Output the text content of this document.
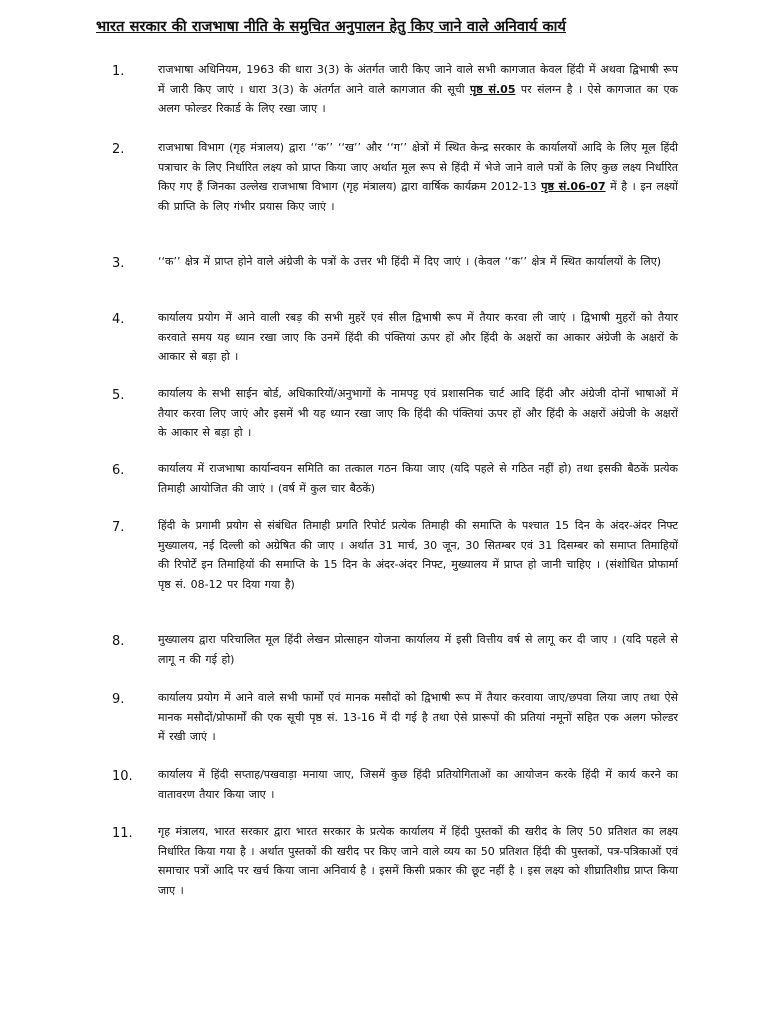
भारत सरकार की राजभाषा नीति के समुचित अनुपालन हेतु किए जाने वाले अनिवार्य कार्य
1.	राजभाषा अधिनियम, 1963 की धारा 3(3) के अंतर्गत जारी किए जाने वाले सभी कागजात केवल हिंदी में अथवा द्विभाषी रूप में जारी किए जाएं । धारा 3(3) के अंतर्गत आने वाले कागजात की सूची पृष्ठ सं.05 पर संलग्न है । ऐसे कागजात का एक अलग फोल्डर रिकार्ड के लिए रखा जाए ।
2.	राजभाषा विभाग (गृह मंत्रालय) द्वारा ‘‘क’’ ‘‘ख’’ और ‘‘ग’’ क्षेत्रों में स्थित केन्द्र सरकार के कार्यालयों आदि के लिए मूल हिंदी पत्राचार के लिए निर्धारित लक्ष्य को प्राप्त किया जाए अर्थात मूल रूप से हिंदी में भेजे जाने वाले पत्रों के लिए कुछ लक्ष्य निर्धारित किए गए हैं जिनका उल्लेख राजभाषा विभाग (गृह मंत्रालय) द्वारा वार्षिक कार्यक्रम 2012-13 पृष्ठ सं.06-07 में है । इन लक्ष्यों की प्राप्ति के लिए गंभीर प्रयास किए जाएं ।
3.	‘‘क’’ क्षेत्र में प्राप्त होने वाले अंग्रेजी के पत्रों के उत्तर भी हिंदी में दिए जाएं । (केवल ‘‘क’’ क्षेत्र में स्थित कार्यालयों के लिए)
4.	कार्यालय प्रयोग में आने वाली रबड़ की सभी मुहरें एवं सील द्विभाषी रूप में तैयार करवा ली जाएं । द्विभाषी मुहरों को तैयार करवाते समय यह ध्यान रखा जाए कि उनमें हिंदी की पंक्तियां ऊपर हों और हिंदी के अक्षरों का आकार अंग्रेजी के अक्षरों के आकार से बड़ा हो ।
5.	कार्यालय के सभी साईन बोर्ड, अधिकारियों/अनुभागों के नामपट्ट एवं प्रशासनिक चार्ट आदि हिंदी और अंग्रेजी दोनों भाषाओं में तैयार करवा लिए जाएं और इसमें भी यह ध्यान रखा जाए कि हिंदी की पंक्तियां ऊपर हों और हिंदी के अक्षरों अंग्रेजी के अक्षरों के आकार से बड़ा हो ।
6.	कार्यालय में राजभाषा कार्यान्वयन समिति का तत्काल गठन किया जाए (यदि पहले से गठित नहीं हो) तथा इसकी बैठकें प्रत्येक तिमाही आयोजित की जाएं । (वर्ष में कुल चार बैठकें)
7.	हिंदी के प्रगामी प्रयोग से संबंधित तिमाही प्रगति रिपोर्ट प्रत्येक तिमाही की समाप्ति के पश्चात 15 दिन के अंदर-अंदर निफ्ट मुख्यालय, नई दिल्ली को अग्रेषित की जाए । अर्थात 31 मार्च, 30 जून, 30 सितम्बर एवं 31 दिसम्बर को समाप्त तिमाहियों की रिपोर्टें इन तिमाहियों की समाप्ति के 15 दिन के अंदर-अंदर निफ्ट, मुख्यालय में प्राप्त हो जानी चाहिए । (संशोधित प्रोफार्मा पृष्ठ सं. 08-12 पर दिया गया है)
8.	मुख्यालय द्वारा परिचालित मूल हिंदी लेखन प्रोत्साहन योजना कार्यालय में इसी वित्तीय वर्ष से लागू कर दी जाए । (यदि पहले से लागू न की गई हो)
9.	कार्यालय प्रयोग में आने वाले सभी फार्मों एवं मानक मसौदों को द्विभाषी रूप में तैयार करवाया जाए/छपवा लिया जाए तथा ऐसे मानक मसौदों/प्रोफार्मों की एक सूची पृष्ठ सं. 13-16 में दी गई है तथा ऐसे प्रारूपों की प्रतियां नमूनों सहित एक अलग फोल्डर में रखी जाएं ।
10. कार्यालय में हिंदी सप्ताह/पखवाड़ा मनाया जाए, जिसमें कुछ हिंदी प्रतियोगिताओं का आयोजन करके हिंदी में कार्य करने का वातावरण तैयार किया जाए ।
11. गृह मंत्रालय, भारत सरकार द्वारा भारत सरकार के प्रत्येक कार्यालय में हिंदी पुस्तकों की खरीद के लिए 50 प्रतिशत का लक्ष्य निर्धारित किया गया है । अर्थात पुस्तकों की खरीद पर किए जाने वाले व्यय का 50 प्रतिशत हिंदी की पुस्तकों, पत्र-पत्रिकाओं एवं समाचार पत्रों आदि पर खर्च किया जाना अनिवार्य है । इसमें किसी प्रकार की छूट नहीं है । इस लक्ष्य को शीघ्रातिशीघ्र प्राप्त किया जाए ।
